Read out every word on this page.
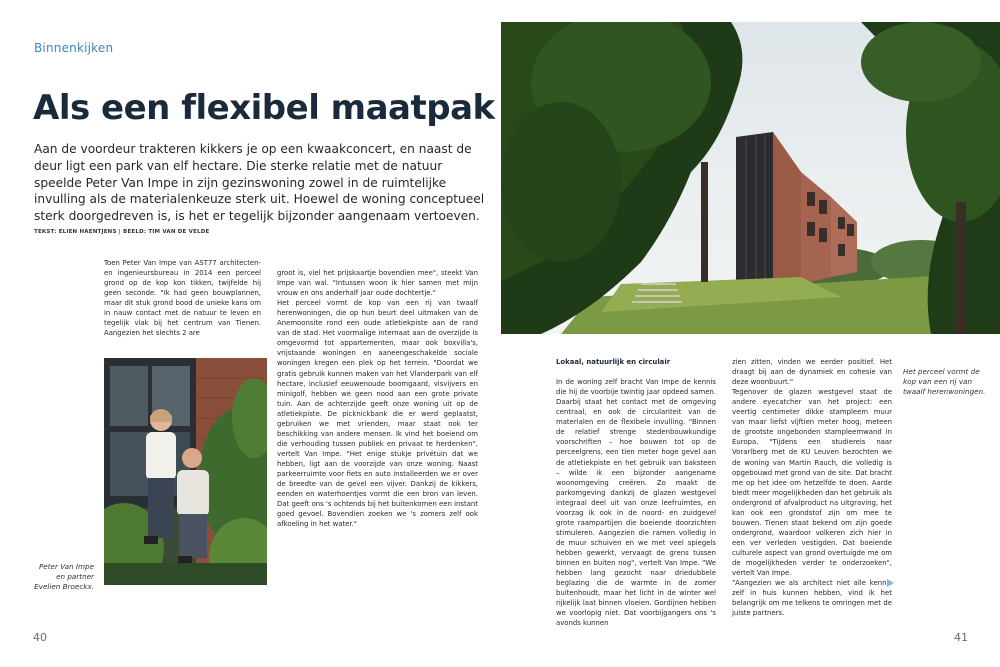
Binnenkijken
Als een flexibel maatpak
Aan de voordeur trakteren kikkers je op een kwaakconcert, en naast de deur ligt een park van elf hectare. Die sterke relatie met de natuur speelde Peter Van Impe in zijn gezinswoning zowel in de ruimtelijke invulling als de materialenkeuze sterk uit. Hoewel de woning conceptueel sterk doorgedreven is, is het er tegelijk bijzonder aangenaam vertoeven.
TEKST: ELIEN HAENTJENS | BEELD: TIM VAN DE VELDE

Toen Peter Van Impe van AST77 architecten- en ingenieursbureau in 2014 een perceel grond op de kop kon tikken, twijfelde hij geen seconde. "Ik had geen bouwplannen, maar dit stuk grond bood de unieke kans om in nauw contact met de natuur te leven en tegelijk vlak bij het centrum van Tienen. Aangezien het slechts 2 are

groot is, viel het prijskaartje bovendien mee", steekt Van Impe van wal. "Intussen woon ik hier samen met mijn vrouw en ons anderhalf jaar oude dochtertje."
Het perceel vormt de kop van een rij van twaalf herenwoningen, die op hun beurt deel uitmaken van de Anemoonsite rond een oude atletiekpiste aan de rand van de stad. Het voormalige internaat aan de overzijde is omgevormd tot appartementen, maar ook boxvilla's, vrijstaande woningen en aaneengeschakelde sociale woningen kregen een plek op het terrein. "Doordat we gratis gebruik kunnen maken van het Vlanderpark van elf hectare, inclusief eeuwenoude boomgaard, visvijvers en minigolf, hebben we geen nood aan een grote private tuin. Aan de achterzijde geeft onze woning uit op de atletiekpiste. De picknickbank die er werd geplaatst, gebruiken we met vrienden, maar staat ook ter beschikking van andere mensen. Ik vind het boeiend om die verhouding tussen publiek en privaat te herdenken", vertelt Van Impe. "Het enige stukje privétuin dat we hebben, ligt aan de voorzijde van onze woning. Naast parkeerruimte voor fiets en auto installeerden we er over de breedte van de gevel een vijver. Dankzij de kikkers, eenden en waterhoentjes vormt die een bron van leven. Dat geeft ons 's ochtends bij het buitenkomen een instant goed gevoel. Bovendien zoeken we 's zomers zelf ook afkoeling in het water."

Peter Van Impe en partner Evelien Broeckx.
40

Lokaal, natuurlijk en circulair

In de woning zelf bracht Van Impe de kennis die hij de voorbije twintig jaar opdeed samen. Daarbij staat het contact met de omgeving centraal, en ook de circulariteit van de materialen en de flexibele invulling. "Binnen de relatief strenge stedenbouwkundige voorschriften – hoe bouwen tot op de perceelgrens, een tien meter hoge gevel aan de atletiekpiste en het gebruik van baksteen – wilde ik een bijzonder aangename woonomgeving creëren. Zo maakt de parkomgeving dankzij de glazen westgevel integraal deel uit van onze leefruimtes, en voorzag ik ook in de noord- en zuidgevel grote raampartijen die boeiende doorzichten stimuleren. Aangezien die ramen volledig in de muur schuiven en we met veel spiegels hebben gewerkt, vervaagt de grens tussen binnen en buiten nog", vertelt Van Impe. "We hebben lang gezocht naar driedubbele beglazing die de warmte in de zomer buitenhoudt, maar het licht in de winter wel rijkelijk laat binnen vloeien. Gordijnen hebben we voorlopig niet. Dat voorbijgangers ons 's avonds kunnen

zien zitten, vinden we eerder positief. Het draagt bij aan de dynamiek en cohesie van deze woonbuurt."
Tegenover de glazen westgevel staat de andere eyecatcher van het project: een veertig centimeter dikke stampleem muur van maar liefst vijftien meter hoog, meteen de grootste ongebonden stampleemwand in Europa. "Tijdens een studiereis naar Vorarlberg met de KU Leuven bezochten we de woning van Martin Rauch, die volledig is opgebouwd met grond van de site. Dat bracht me op het idee om hetzelfde te doen. Aarde biedt meer mogelijkheden dan het gebruik als ondergrond of afvalproduct na uitgraving, het kan ook een grondstof zijn om mee te bouwen. Tienen staat bekend om zijn goede ondergrond, waardoor volkeren zich hier in een ver verleden vestigden. Dat boeiende culturele aspect van grond overtuigde me om de mogelijkheden verder te onderzoeken", vertelt Van Impe.
"Aangezien we als architect niet alle kennis zelf in huis kunnen hebben, vind ik het belangrijk om me telkens te omringen met de juiste partners.

Het perceel vormt de kop van een rij van twaalf herenwoningen.
41
